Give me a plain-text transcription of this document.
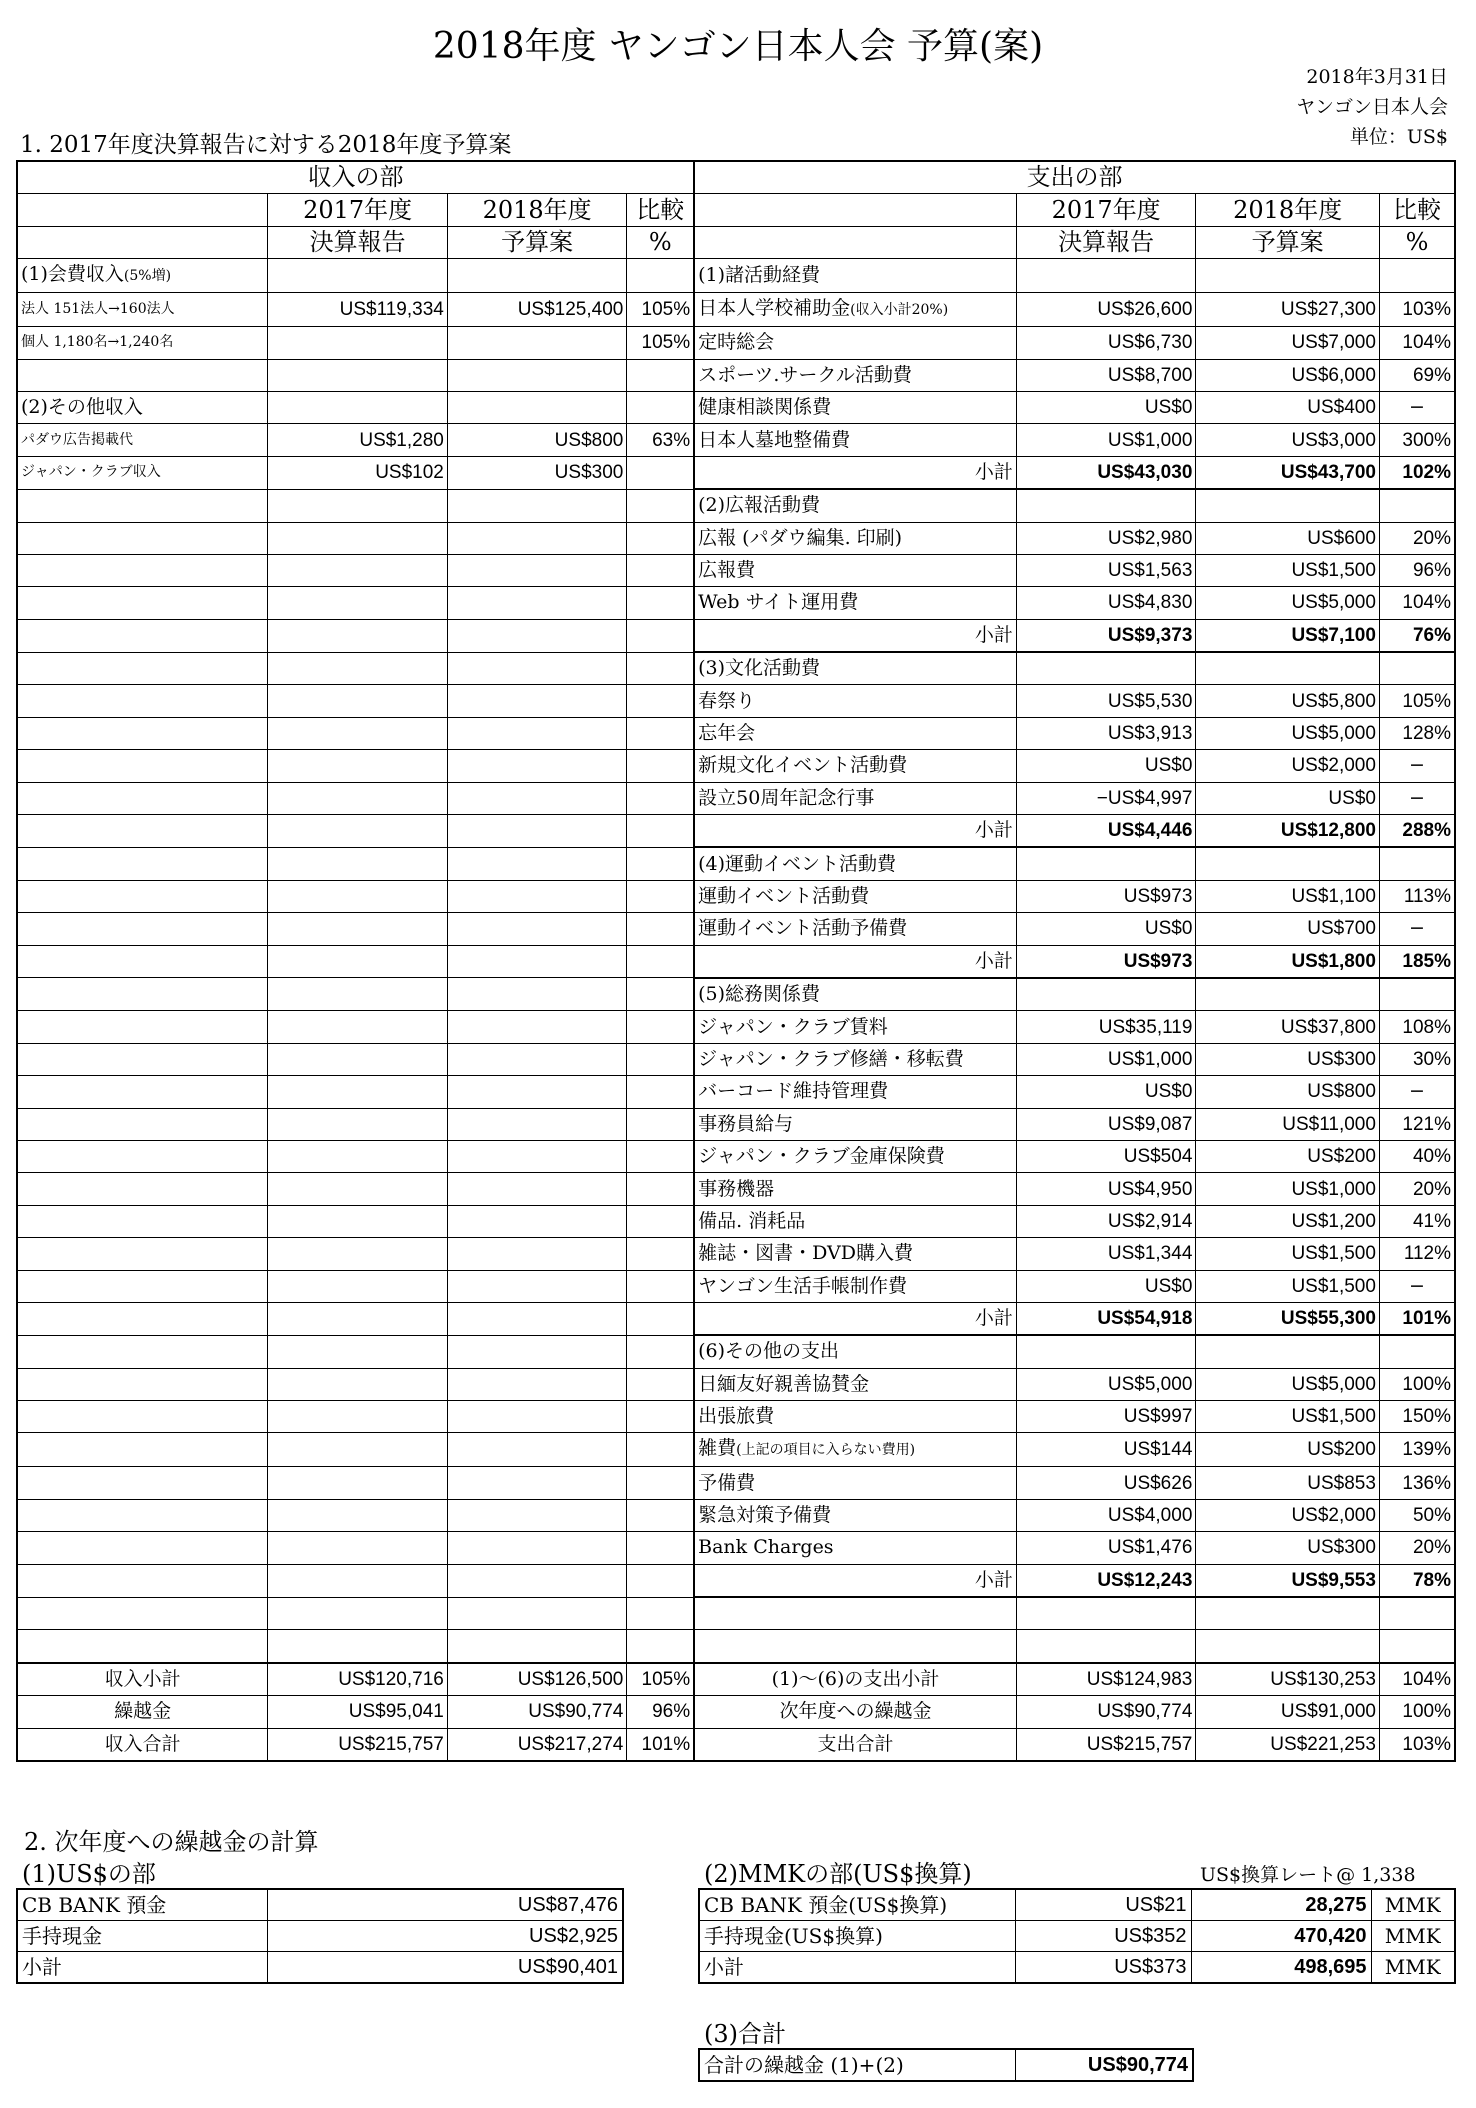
2018年度 ヤンゴン日本人会 予算(案)
2018年3月31日
ヤンゴン日本人会
単位：US$
1. 2017年度決算報告に対する2018年度予算案
収入の部				支出の部			
	2017年度	2018年度	比較		2017年度	2018年度	比較
	決算報告	予算案	%		決算報告	予算案	%
(1)会費収入(5%増)				(1)諸活動経費			
法人 151法人→160法人	US$119,334	US$125,400	105%	日本人学校補助金(収入小計20%)	US$26,600	US$27,300	103%
個人 1,180名→1,240名			105%	定時総会	US$6,730	US$7,000	104%
				スポーツ.サークル活動費	US$8,700	US$6,000	69%
(2)その他収入				健康相談関係費	US$0	US$400	−
パダウ広告掲載代	US$1,280	US$800	63%	日本人墓地整備費	US$1,000	US$3,000	300%
ジャパン・クラブ収入	US$102	US$300		小計	US$43,030	US$43,700	102%
				(2)広報活動費			
				広報 (パダウ編集. 印刷)	US$2,980	US$600	20%
				広報費	US$1,563	US$1,500	96%
				Web サイト運用費	US$4,830	US$5,000	104%
				小計	US$9,373	US$7,100	76%
				(3)文化活動費			
				春祭り	US$5,530	US$5,800	105%
				忘年会	US$3,913	US$5,000	128%
				新規文化イベント活動費	US$0	US$2,000	−
				設立50周年記念行事	−US$4,997	US$0	−
				小計	US$4,446	US$12,800	288%
				(4)運動イベント活動費			
				運動イベント活動費	US$973	US$1,100	113%
				運動イベント活動予備費	US$0	US$700	−
				小計	US$973	US$1,800	185%
				(5)総務関係費			
				ジャパン・クラブ賃料	US$35,119	US$37,800	108%
				ジャパン・クラブ修繕・移転費	US$1,000	US$300	30%
				バーコード維持管理費	US$0	US$800	−
				事務員給与	US$9,087	US$11,000	121%
				ジャパン・クラブ金庫保険費	US$504	US$200	40%
				事務機器	US$4,950	US$1,000	20%
				備品. 消耗品	US$2,914	US$1,200	41%
				雑誌・図書・DVD購入費	US$1,344	US$1,500	112%
				ヤンゴン生活手帳制作費	US$0	US$1,500	−
				小計	US$54,918	US$55,300	101%
				(6)その他の支出			
				日緬友好親善協賛金	US$5,000	US$5,000	100%
				出張旅費	US$997	US$1,500	150%
				雑費(上記の項目に入らない費用)	US$144	US$200	139%
				予備費	US$626	US$853	136%
				緊急対策予備費	US$4,000	US$2,000	50%
				Bank Charges	US$1,476	US$300	20%
				小計	US$12,243	US$9,553	78%

収入小計	US$120,716	US$126,500	105%	(1)〜(6)の支出小計	US$124,983	US$130,253	104%
繰越金	US$95,041	US$90,774	96%	次年度への繰越金	US$90,774	US$91,000	100%
収入合計	US$215,757	US$217,274	101%	支出合計	US$215,757	US$221,253	103%
2. 次年度への繰越金の計算
(1)US$の部	(2)MMKの部(US$換算)	US$換算レート@ 1,338
CB BANK 預金	US$87,476
手持現金	US$2,925
小計	US$90,401
CB BANK 預金(US$換算)	US$21	28,275	MMK
手持現金(US$換算)	US$352	470,420	MMK
小計	US$373	498,695	MMK
(3)合計
合計の繰越金 (1)+(2)	US$90,774
